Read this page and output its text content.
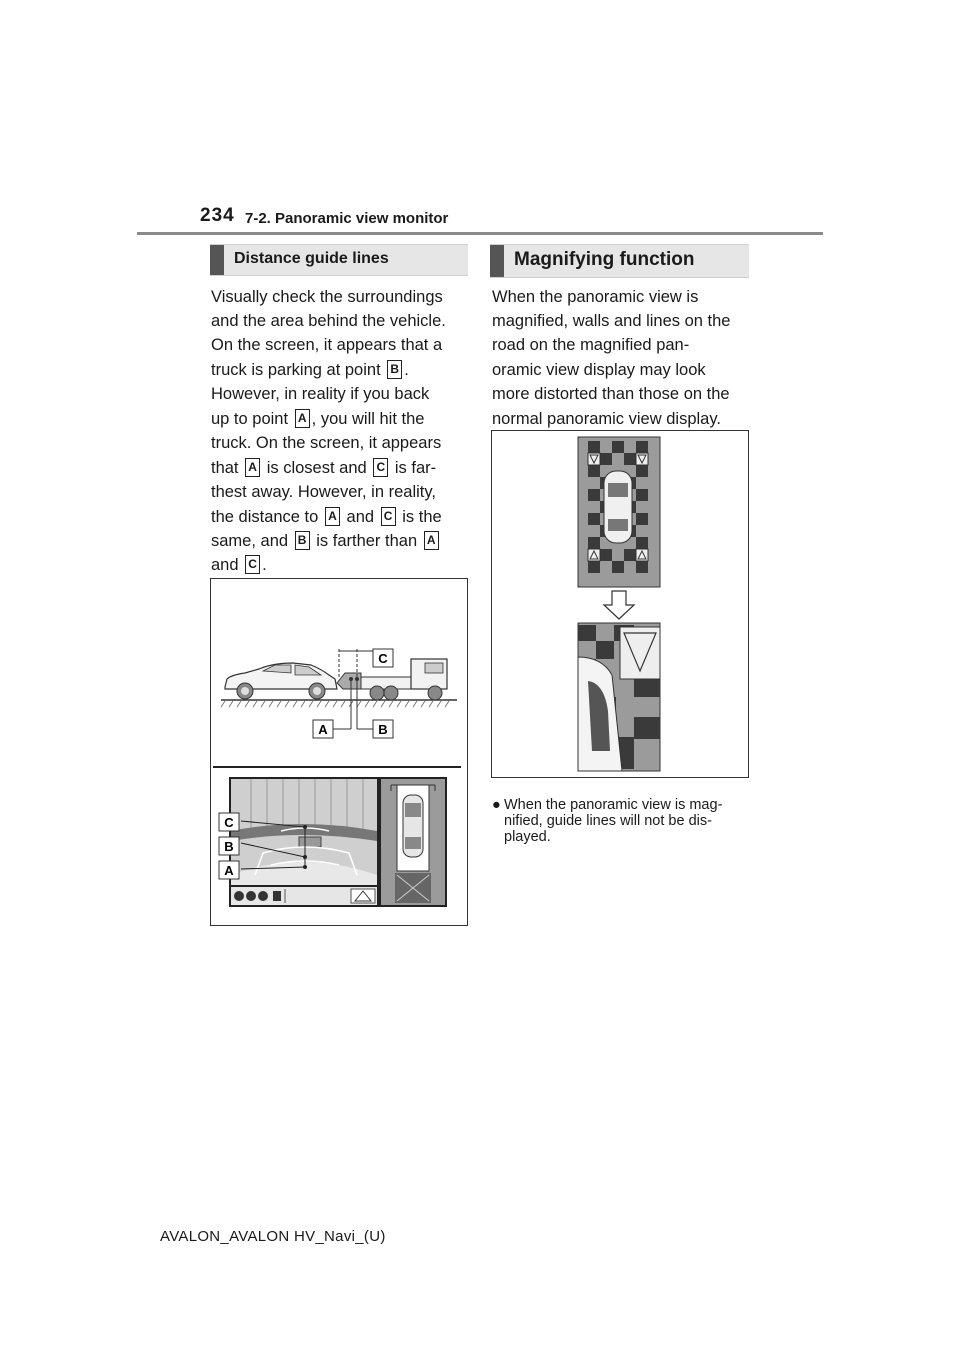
234 7-2. Panoramic view monitor
Distance guide lines
Visually check the surroundings
and the area behind the vehicle.
On the screen, it appears that a
truck is parking at point B .
However, in reality if you back
up to point A , you will hit the
truck. On the screen, it appears
that A is closest and C is far-
thest away. However, in reality,
the distance to A and C is the
same, and B is farther than A
and C .
C
A	B
C
B
A
Magnifying function
When the panoramic view is
magnified, walls and lines on the
road on the magnified pan-
oramic view display may look
more distorted than those on the
normal panoramic view display.
● When the panoramic view is mag-
nified, guide lines will not be dis-
played.
AVALON_AVALON HV_Navi_(U)
